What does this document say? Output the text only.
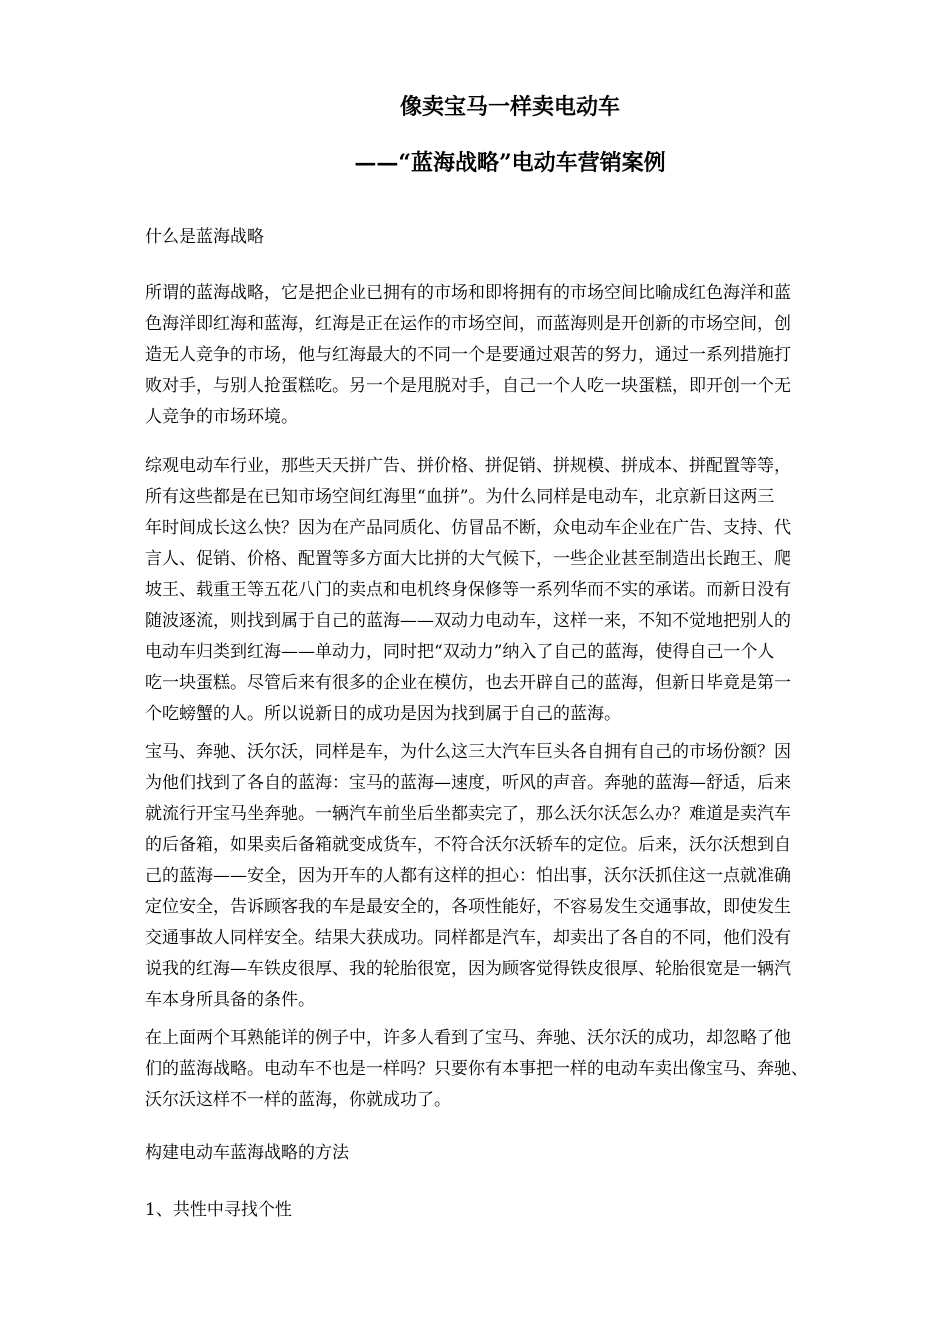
像卖宝马一样卖电动车
——“蓝海战略”电动车营销案例
什么是蓝海战略
所谓的蓝海战略，它是把企业已拥有的市场和即将拥有的市场空间比喻成红色海洋和蓝
色海洋即红海和蓝海，红海是正在运作的市场空间，而蓝海则是开创新的市场空间，创
造无人竞争的市场，他与红海最大的不同一个是要通过艰苦的努力，通过一系列措施打
败对手，与别人抢蛋糕吃。另一个是甩脱对手，自己一个人吃一块蛋糕，即开创一个无
人竞争的市场环境。
综观电动车行业，那些天天拼广告、拼价格、拼促销、拼规模、拼成本、拼配置等等，
所有这些都是在已知市场空间红海里“血拼”。为什么同样是电动车，北京新日这两三
年时间成长这么快？因为在产品同质化、仿冒品不断，众电动车企业在广告、支持、代
言人、促销、价格、配置等多方面大比拼的大气候下，一些企业甚至制造出长跑王、爬
坡王、载重王等五花八门的卖点和电机终身保修等一系列华而不实的承诺。而新日没有
随波逐流，则找到属于自己的蓝海——双动力电动车，这样一来，不知不觉地把别人的
电动车归类到红海——单动力，同时把“双动力”纳入了自己的蓝海，使得自己一个人
吃一块蛋糕。尽管后来有很多的企业在模仿，也去开辟自己的蓝海，但新日毕竟是第一
个吃螃蟹的人。所以说新日的成功是因为找到属于自己的蓝海。
宝马、奔驰、沃尔沃，同样是车，为什么这三大汽车巨头各自拥有自己的市场份额？因
为他们找到了各自的蓝海：宝马的蓝海—速度，听风的声音。奔驰的蓝海—舒适，后来
就流行开宝马坐奔驰。一辆汽车前坐后坐都卖完了，那么沃尔沃怎么办？难道是卖汽车
的后备箱，如果卖后备箱就变成货车，不符合沃尔沃轿车的定位。后来，沃尔沃想到自
己的蓝海——安全，因为开车的人都有这样的担心：怕出事，沃尔沃抓住这一点就准确
定位安全，告诉顾客我的车是最安全的，各项性能好，不容易发生交通事故，即使发生
交通事故人同样安全。结果大获成功。同样都是汽车，却卖出了各自的不同，他们没有
说我的红海—车铁皮很厚、我的轮胎很宽，因为顾客觉得铁皮很厚、轮胎很宽是一辆汽
车本身所具备的条件。
在上面两个耳熟能详的例子中，许多人看到了宝马、奔驰、沃尔沃的成功，却忽略了他
们的蓝海战略。电动车不也是一样吗？只要你有本事把一样的电动车卖出像宝马、奔驰、
沃尔沃这样不一样的蓝海，你就成功了。
构建电动车蓝海战略的方法
1、共性中寻找个性
